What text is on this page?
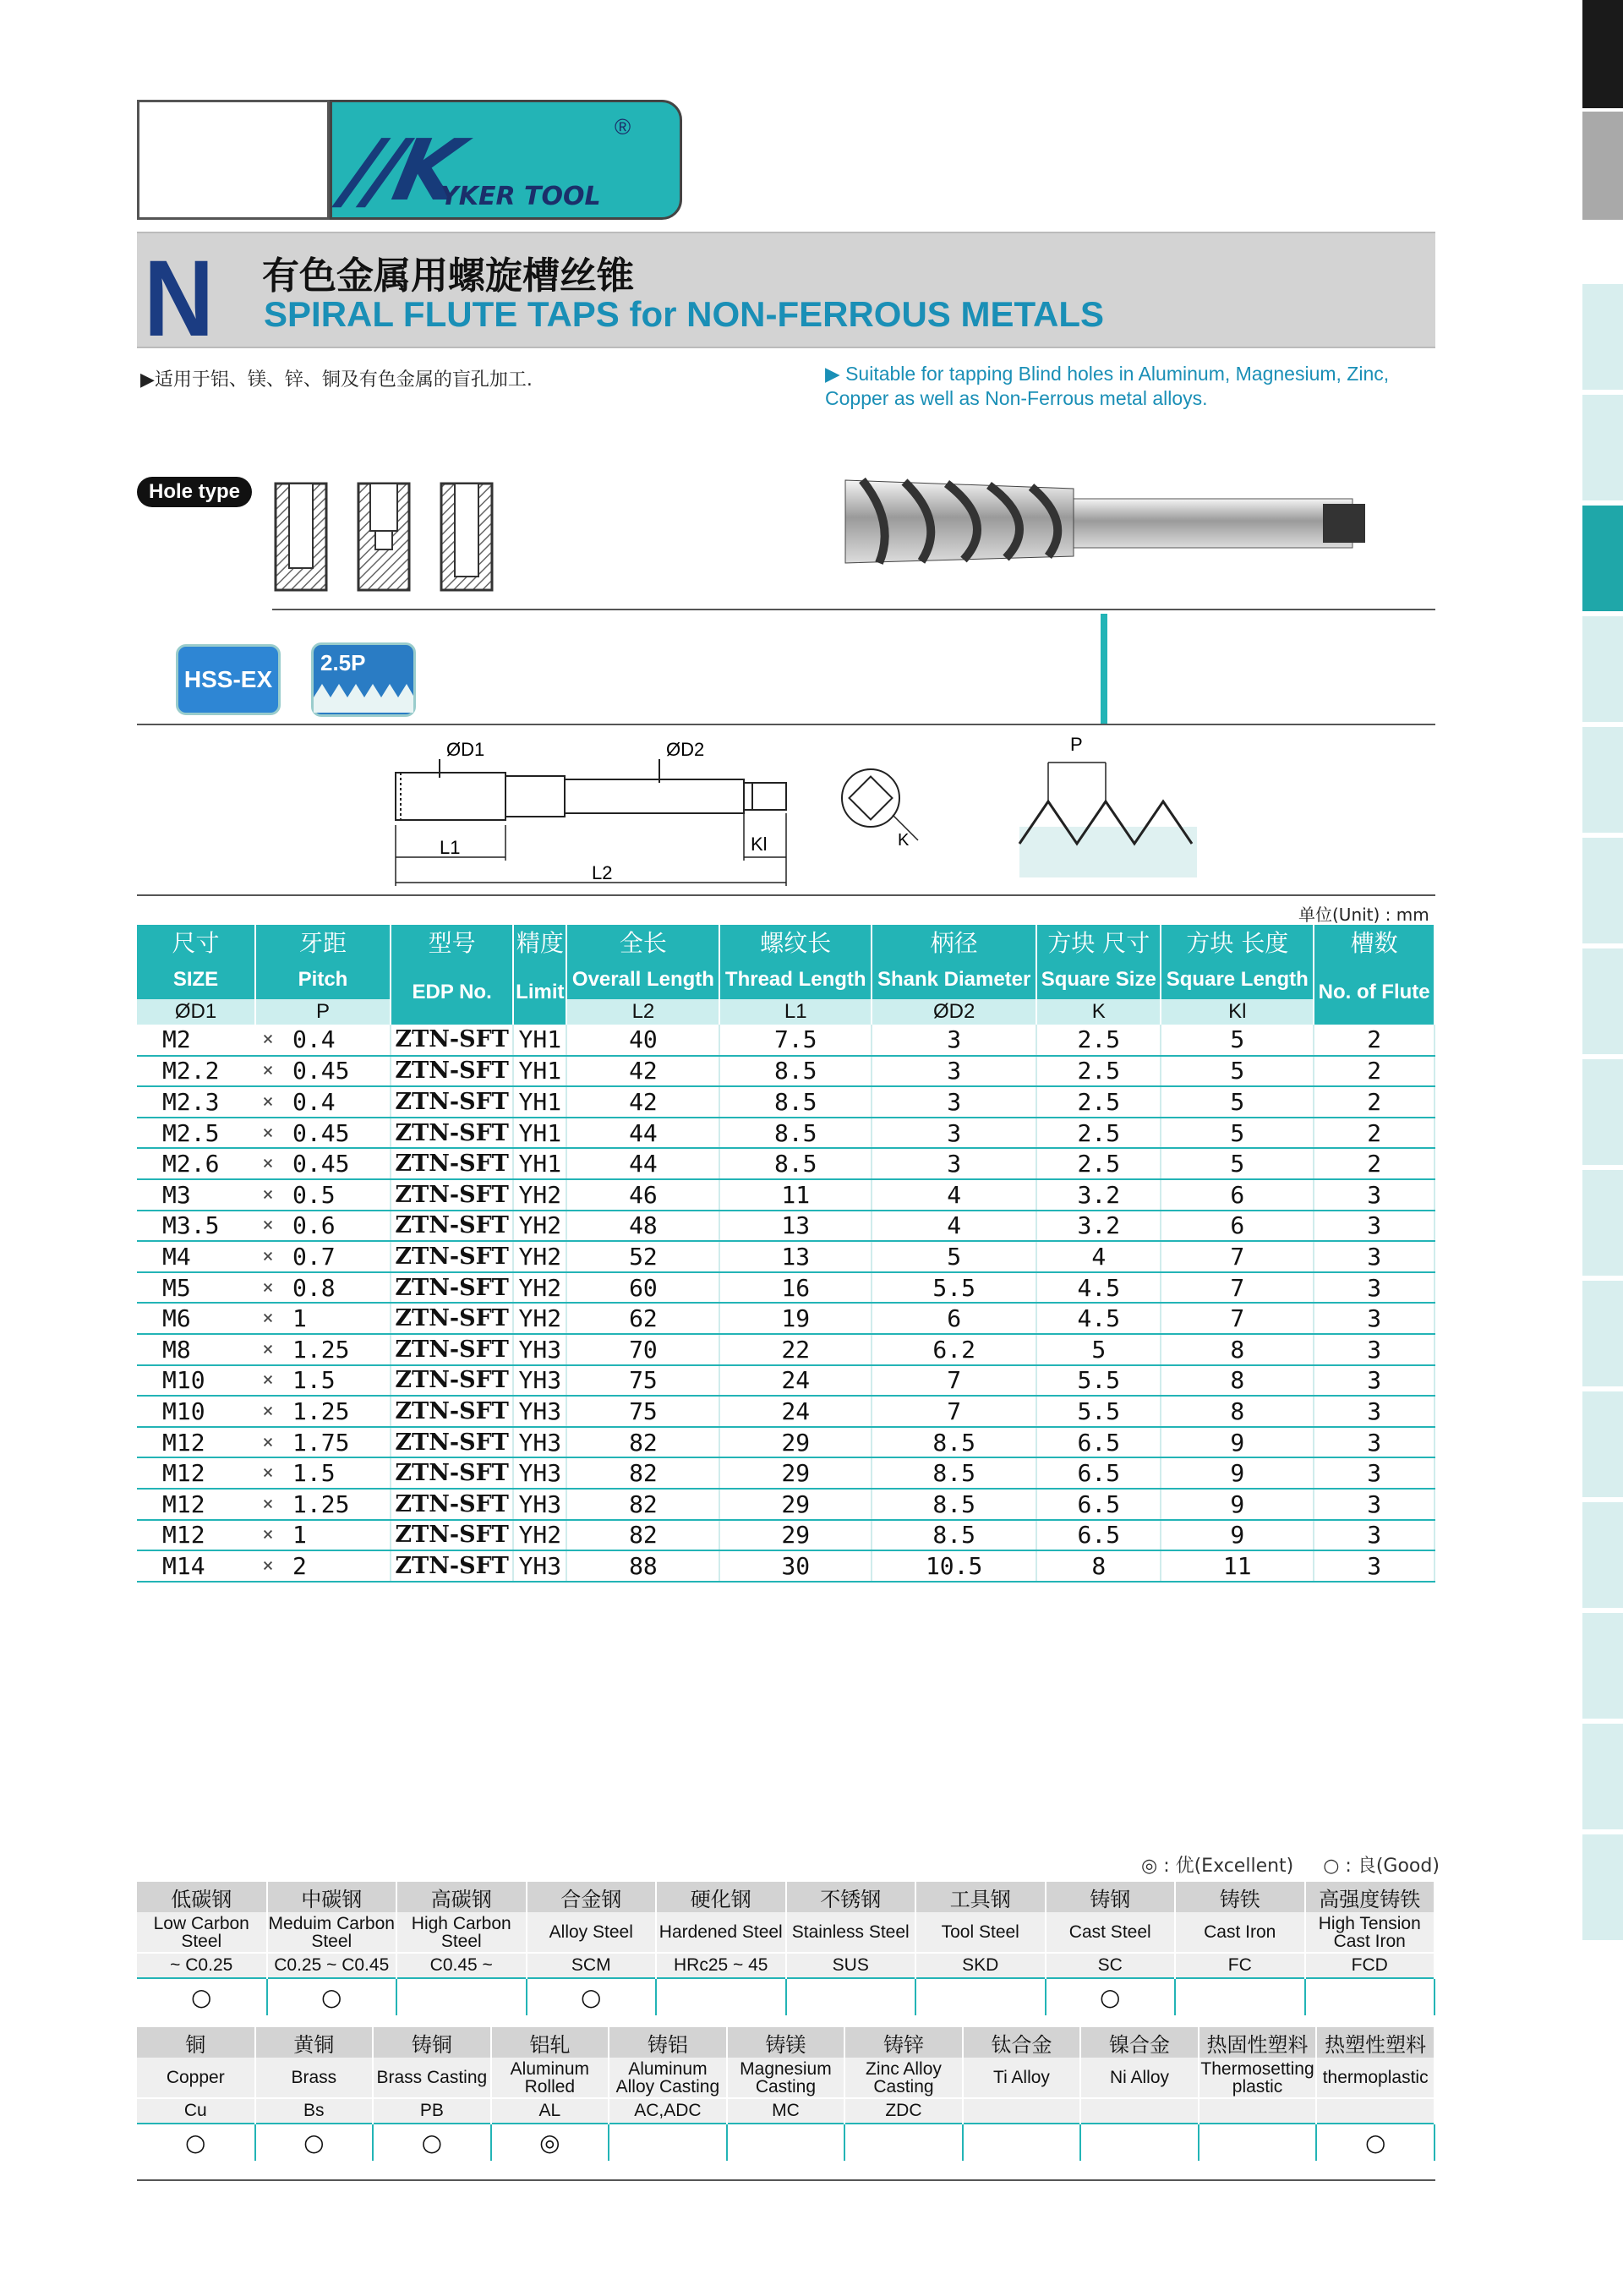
//K	®
YKER TOOL
N 有色金属用螺旋槽丝锥
SPIRAL FLUTE TAPS for NON-FERROUS METALS
▶适用于铝、镁、锌、铜及有色金属的盲孔加工.	▶ Suitable for tapping Blind holes in Aluminum, Magnesium, Zinc, Copper as well as Non-Ferrous metal alloys.
Hole type
HSS-EX
2.5P
ØD1	ØD2
L1	Kl
L2
K
P
单位(Unit) : mm
尺寸	牙距		型号	精度	全长	螺纹长	柄径	方块 尺寸	方块 长度	槽数
SIZE	Pitch		EDP No.	Limit	Overall Length	Thread Length	Shank Diameter	Square Size	Square Length	No. of Flute
ØD1	P				L2	L1	ØD2	K	Kl	
M2	×	0.4	ZTN-SFT	YH1	40	7.5	3	2.5	5	2
M2.2	×	0.45	ZTN-SFT	YH1	42	8.5	3	2.5	5	2
M2.3	×	0.4	ZTN-SFT	YH1	42	8.5	3	2.5	5	2
M2.5	×	0.45	ZTN-SFT	YH1	44	8.5	3	2.5	5	2
M2.6	×	0.45	ZTN-SFT	YH1	44	8.5	3	2.5	5	2
M3	×	0.5	ZTN-SFT	YH2	46	11	4	3.2	6	3
M3.5	×	0.6	ZTN-SFT	YH2	48	13	4	3.2	6	3
M4	×	0.7	ZTN-SFT	YH2	52	13	5	4	7	3
M5	×	0.8	ZTN-SFT	YH2	60	16	5.5	4.5	7	3
M6	×	1	ZTN-SFT	YH2	62	19	6	4.5	7	3
M8	×	1.25	ZTN-SFT	YH3	70	22	6.2	5	8	3
M10	×	1.5	ZTN-SFT	YH3	75	24	7	5.5	8	3
M10	×	1.25	ZTN-SFT	YH3	75	24	7	5.5	8	3
M12	×	1.75	ZTN-SFT	YH3	82	29	8.5	6.5	9	3
M12	×	1.5	ZTN-SFT	YH3	82	29	8.5	6.5	9	3
M12	×	1.25	ZTN-SFT	YH3	82	29	8.5	6.5	9	3
M12	×	1	ZTN-SFT	YH2	82	29	8.5	6.5	9	3
M14	×	2	ZTN-SFT	YH3	88	30	10.5	8	11	3
◎ : 优(Excellent) ○ : 良(Good)
低碳钢	中碳钢	高碳钢	合金钢	硬化钢	不锈钢	工具钢	铸钢	铸铁	高强度铸铁
Low Carbon Steel	Meduim Carbon Steel	High Carbon Steel	Alloy Steel	Hardened Steel	Stainless Steel	Tool Steel	Cast Steel	Cast Iron	High Tension Cast Iron
~ C0.25	C0.25 ~ C0.45	C0.45 ~	SCM	HRc25 ~ 45	SUS	SKD	SC	FC	FCD
○	○		○				○		
铜	黄铜	铸铜	铝轧	铸铝	铸镁	铸锌	钛合金	镍合金	热固性塑料	热塑性塑料
Copper	Brass	Brass Casting	Aluminum Rolled	Aluminum Alloy Casting	Magnesium Casting	Zinc Alloy Casting	Ti Alloy	Ni Alloy	Thermosetting plastic	thermoplastic
Cu	Bs	PB	AL	AC,ADC	MC	ZDC				
○	○	○	◎							○
